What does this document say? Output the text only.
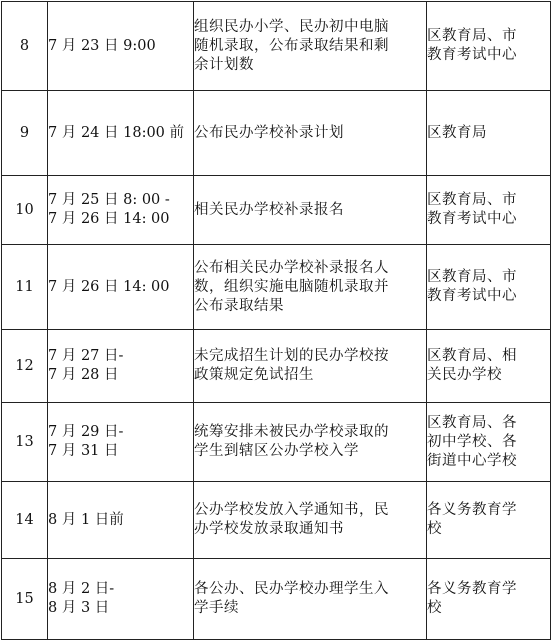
8	7 月 23 日 9:00	组织民办小学、民办初中电脑
随机录取，公布录取结果和剩
余计划数	区教育局、市
教育考试中心

9	7 月 24 日 18:00 前	公布民办学校补录计划	区教育局

10	7 月 25 日 8: 00 -
7 月 26 日 14: 00	相关民办学校补录报名	区教育局、市
教育考试中心

11	7 月 26 日 14: 00	公布相关民办学校补录报名人
数，组织实施电脑随机录取并
公布录取结果	区教育局、市
教育考试中心

12	7 月 27 日-
7 月 28 日	未完成招生计划的民办学校按
政策规定免试招生	区教育局、相
关民办学校

13	7 月 29 日-
7 月 31 日	统筹安排未被民办学校录取的
学生到辖区公办学校入学	区教育局、各
初中学校、各
街道中心学校

14	8 月 1 日前	公办学校发放入学通知书，民
办学校发放录取通知书	各义务教育学
校

15	8 月 2 日-
8 月 3 日	各公办、民办学校办理学生入
学手续	各义务教育学
校
